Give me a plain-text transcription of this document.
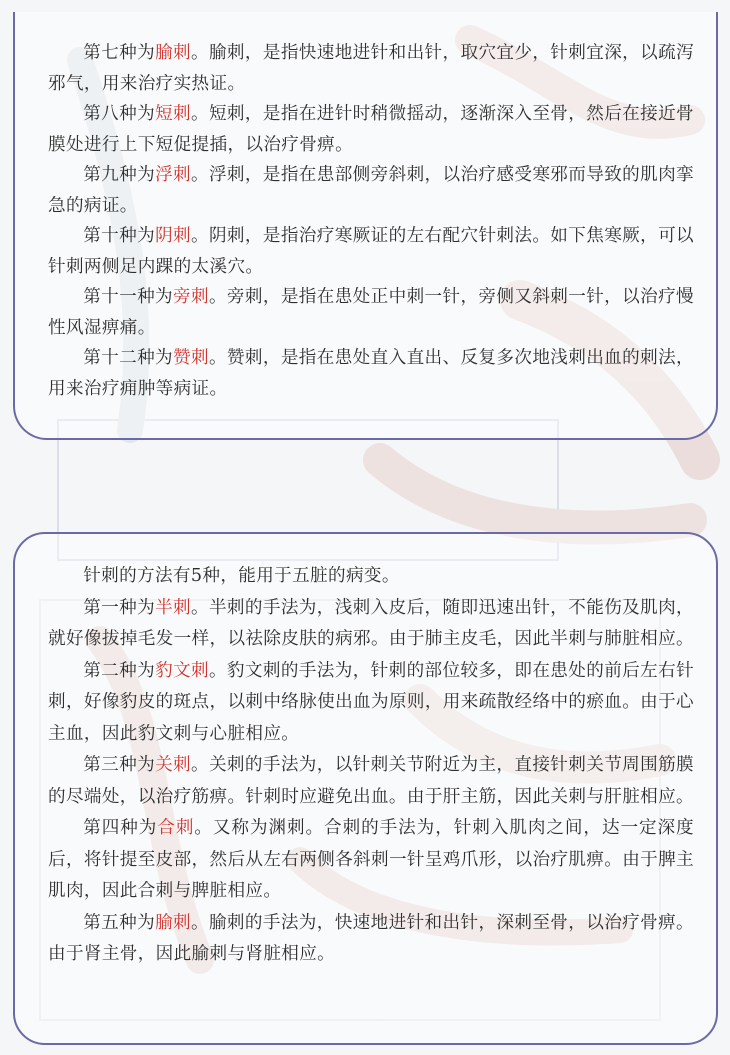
第七种为腧刺。腧刺，是指快速地进针和出针，取穴宜少，针刺宜深，以疏泻邪气，用来治疗实热证。

第八种为短刺。短刺，是指在进针时稍微摇动，逐渐深入至骨，然后在接近骨膜处进行上下短促提插，以治疗骨痹。

第九种为浮刺。浮刺，是指在患部侧旁斜刺，以治疗感受寒邪而导致的肌肉挛急的病证。

第十种为阴刺。阴刺，是指治疗寒厥证的左右配穴针刺法。如下焦寒厥，可以针刺两侧足内踝的太溪穴。

第十一种为旁刺。旁刺，是指在患处正中刺一针，旁侧又斜刺一针，以治疗慢性风湿痹痛。

第十二种为赞刺。赞刺，是指在患处直入直出、反复多次地浅刺出血的刺法，用来治疗痈肿等病证。

针刺的方法有5种，能用于五脏的病变。

第一种为半刺。半刺的手法为，浅刺入皮后，随即迅速出针，不能伤及肌肉，就好像拔掉毛发一样，以祛除皮肤的病邪。由于肺主皮毛，因此半刺与肺脏相应。

第二种为豹文刺。豹文刺的手法为，针刺的部位较多，即在患处的前后左右针刺，好像豹皮的斑点，以刺中络脉使出血为原则，用来疏散经络中的瘀血。由于心主血，因此豹文刺与心脏相应。

第三种为关刺。关刺的手法为，以针刺关节附近为主，直接针刺关节周围筋膜的尽端处，以治疗筋痹。针刺时应避免出血。由于肝主筋，因此关刺与肝脏相应。

第四种为合刺。又称为渊刺。合刺的手法为，针刺入肌肉之间，达一定深度后，将针提至皮部，然后从左右两侧各斜刺一针呈鸡爪形，以治疗肌痹。由于脾主肌肉，因此合刺与脾脏相应。

第五种为腧刺。腧刺的手法为，快速地进针和出针，深刺至骨，以治疗骨痹。由于肾主骨，因此腧刺与肾脏相应。
